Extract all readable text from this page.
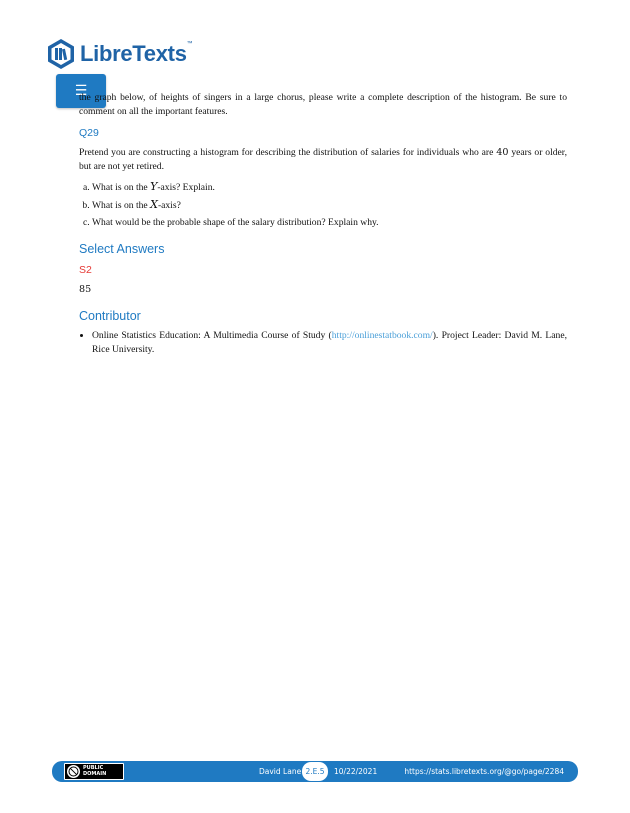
LibreTexts™
☰

the graph below, of heights of singers in a large chorus, please write a complete description of the histogram. Be sure to comment on all the important features.

Q29

Pretend you are constructing a histogram for describing the distribution of salaries for individuals who are 40 years or older, but are not yet retired.

a. What is on the Y-axis? Explain.
b. What is on the X-axis?
c. What would be the probable shape of the salary distribution? Explain why.
Select Answers
S2

85

Contributor
• Online Statistics Education: A Multimedia Course of Study (http://onlinestatbook.com/). Project Leader: David M. Lane, Rice University.
PUBLIC
DOMAIN	David Lane 2.E.5	10/22/2021	https://stats.libretexts.org/@go/page/2284
